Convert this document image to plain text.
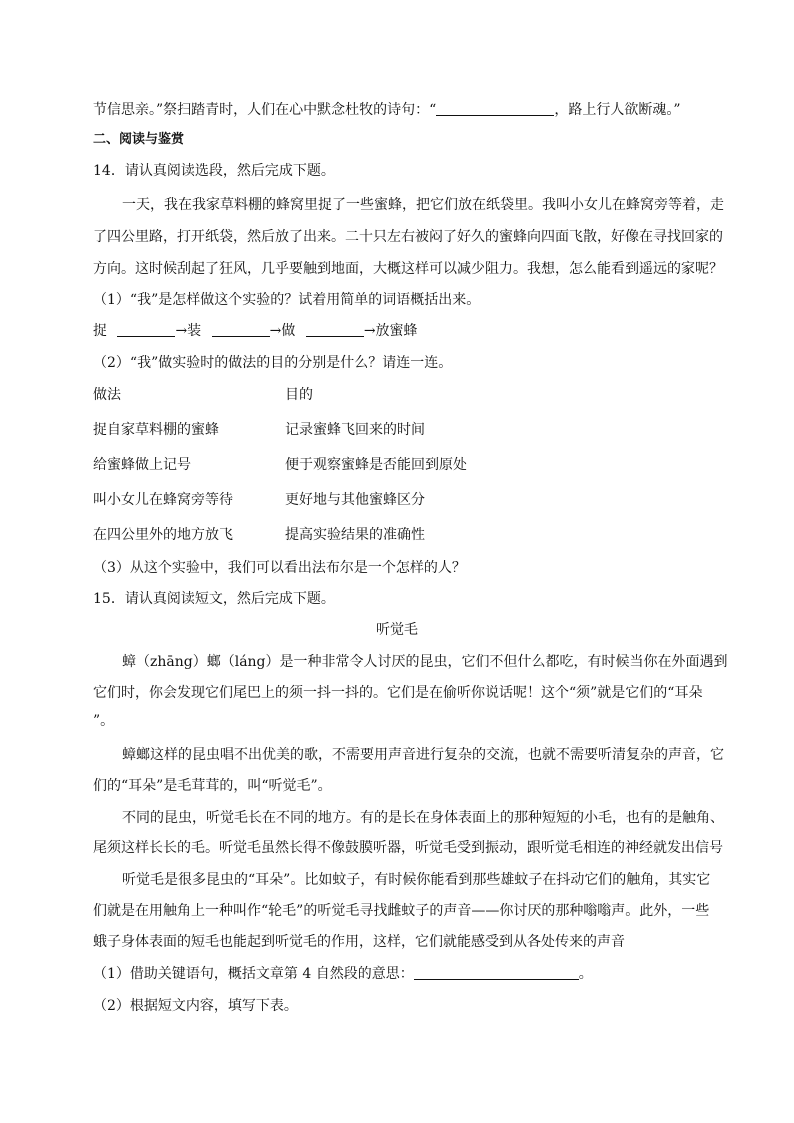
节信思亲。”祭扫踏青时，人们在心中默念杜牧的诗句：“	，路上行人欲断魂。”
二、阅读与鉴赏
14．请认真阅读选段，然后完成下题。
一天，我在我家草料棚的蜂窝里捉了一些蜜蜂，把它们放在纸袋里。我叫小女儿在蜂窝旁等着，走
了四公里路，打开纸袋，然后放了出来。二十只左右被闷了好久的蜜蜂向四面飞散，好像在寻找回家的
方向。这时候刮起了狂风，几乎要触到地面，大概这样可以减少阻力。我想，怎么能看到遥远的家呢？
（1）“我”是怎样做这个实验的？试着用简单的词语概括出来。
捉	→装	→做	→放蜜蜂
（2）“我”做实验时的做法的目的分别是什么？请连一连。
做法	目的
捉自家草料棚的蜜蜂	记录蜜蜂飞回来的时间
给蜜蜂做上记号	便于观察蜜蜂是否能回到原处
叫小女儿在蜂窝旁等待	更好地与其他蜜蜂区分
在四公里外的地方放飞	提高实验结果的准确性
（3）从这个实验中，我们可以看出法布尔是一个怎样的人？
15．请认真阅读短文，然后完成下题。
听觉毛
蟑（zhāng）螂（láng）是一种非常令人讨厌的昆虫，它们不但什么都吃，有时候当你在外面遇到
它们时，你会发现它们尾巴上的须一抖一抖的。它们是在偷听你说话呢！这个“须”就是它们的“耳朵
”。
蟑螂这样的昆虫唱不出优美的歌，不需要用声音进行复杂的交流，也就不需要听清复杂的声音，它
们的“耳朵”是毛茸茸的，叫“听觉毛”。
不同的昆虫，听觉毛长在不同的地方。有的是长在身体表面上的那种短短的小毛，也有的是触角、
尾须这样长长的毛。听觉毛虽然长得不像鼓膜听器，听觉毛受到振动，跟听觉毛相连的神经就发出信号
听觉毛是很多昆虫的“耳朵”。比如蚊子，有时候你能看到那些雄蚊子在抖动它们的触角，其实它
们就是在用触角上一种叫作“轮毛”的听觉毛寻找雌蚊子的声音——你讨厌的那种嗡嗡声。此外，一些
蛾子身体表面的短毛也能起到听觉毛的作用，这样，它们就能感受到从各处传来的声音
（1）借助关键语句，概括文章第 4 自然段的意思：	。
（2）根据短文内容，填写下表。
